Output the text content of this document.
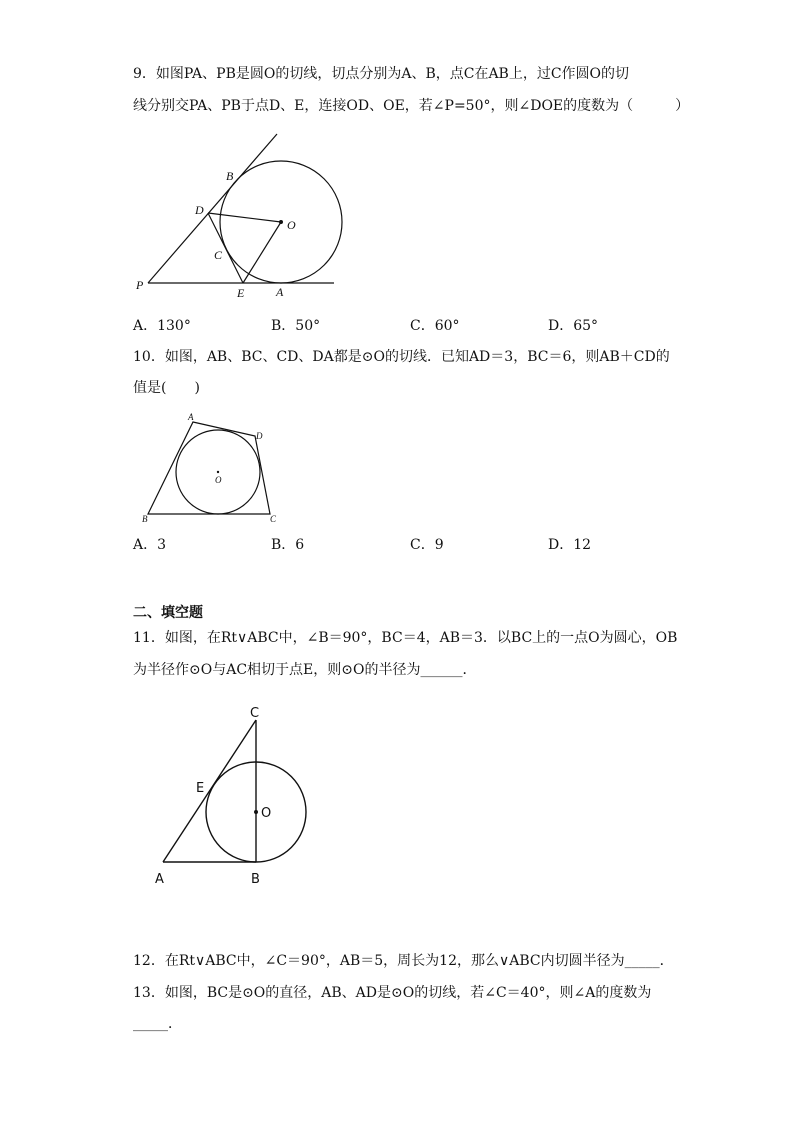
9．如图PA、PB是圆O的切线，切点分别为A、B，点C在AB上，过C作圆O的切
线分别交PA、PB于点D、E，连接OD、OE，若∠P=50°，则∠DOE的度数为（　　　）
B
D
O
C
P
E	A
A．130°	B．50°	C．60°	D．65°
10．如图，AB、BC、CD、DA都是⊙O的切线．已知AD＝3，BC＝6，则AB＋CD的
值是(　　)
A
D
O
B	C
A．3	B．6	C．9	D．12
二、填空题
11．如图，在Rt∨ABC中，∠B＝90°，BC＝4，AB＝3．以BC上的一点O为圆心，OB
为半径作⊙O与AC相切于点E，则⊙O的半径为______．
C
E
O
A	B
12．在Rt∨ABC中，∠C＝90°，AB＝5，周长为12，那么∨ABC内切圆半径为_____．
13．如图，BC是⊙O的直径，AB、AD是⊙O的切线，若∠C＝40°，则∠A的度数为
_____．
